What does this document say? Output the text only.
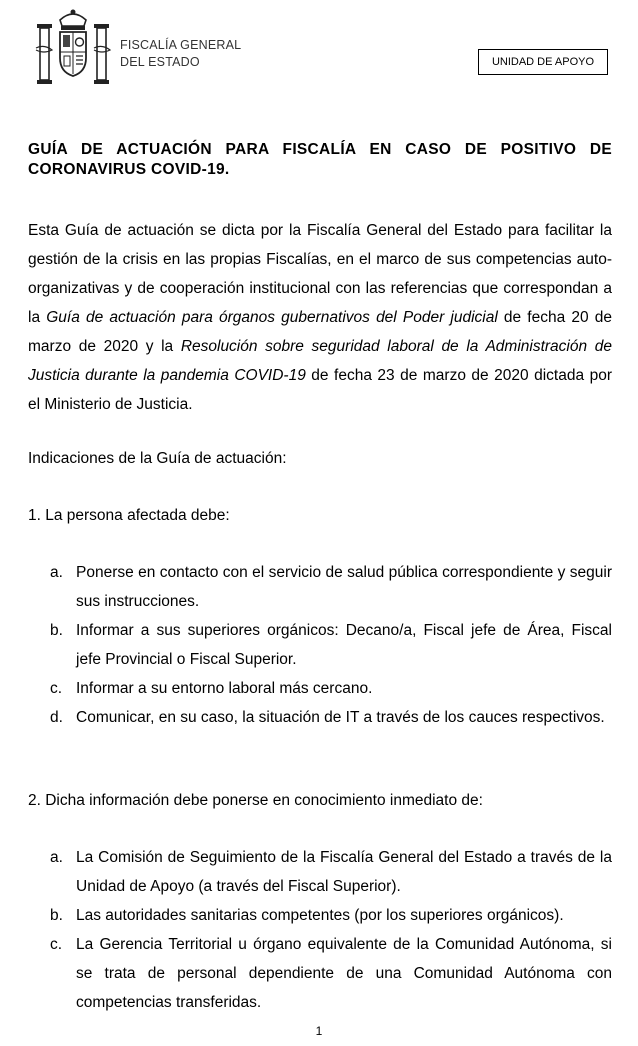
FISCALÍA GENERAL
DEL ESTADO	UNIDAD DE APOYO
GUÍA DE ACTUACIÓN PARA FISCALÍA EN CASO DE POSITIVO DE CORONAVIRUS COVID-19.
Esta Guía de actuación se dicta por la Fiscalía General del Estado para facilitar la gestión de la crisis en las propias Fiscalías, en el marco de sus competencias auto-organizativas y de cooperación institucional con las referencias que correspondan a la Guía de actuación para órganos gubernativos del Poder judicial de fecha 20 de marzo de 2020 y la Resolución sobre seguridad laboral de la Administración de Justicia durante la pandemia COVID-19 de fecha 23 de marzo de 2020 dictada por el Ministerio de Justicia.
Indicaciones de la Guía de actuación:
1. La persona afectada debe:
a. Ponerse en contacto con el servicio de salud pública correspondiente y seguir sus instrucciones.
b. Informar a sus superiores orgánicos: Decano/a, Fiscal jefe de Área, Fiscal jefe Provincial o Fiscal Superior.
c. Informar a su entorno laboral más cercano.
d. Comunicar, en su caso, la situación de IT a través de los cauces respectivos.
2. Dicha información debe ponerse en conocimiento inmediato de:
a. La Comisión de Seguimiento de la Fiscalía General del Estado a través de la Unidad de Apoyo (a través del Fiscal Superior).
b. Las autoridades sanitarias competentes (por los superiores orgánicos).
c. La Gerencia Territorial u órgano equivalente de la Comunidad Autónoma, si se trata de personal dependiente de una Comunidad Autónoma con competencias transferidas.
1
